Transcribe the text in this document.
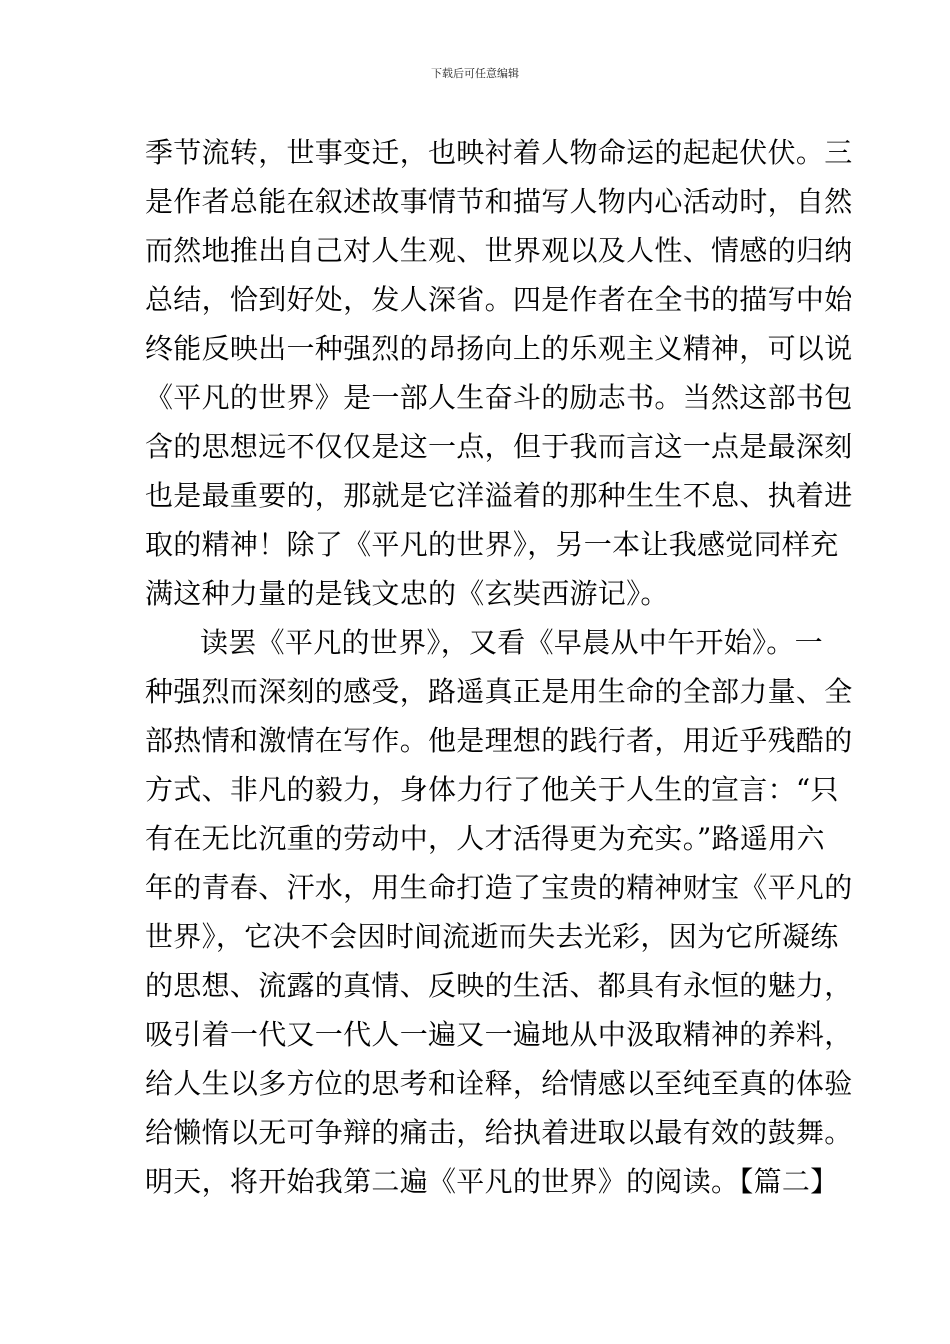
下载后可任意编辑
季节流转，世事变迁，也映衬着人物命运的起起伏伏。三
是作者总能在叙述故事情节和描写人物内心活动时，自然
而然地推出自己对人生观、世界观以及人性、情感的归纳
总结，恰到好处，发人深省。四是作者在全书的描写中始
终能反映出一种强烈的昂扬向上的乐观主义精神，可以说
《平凡的世界》是一部人生奋斗的励志书。当然这部书包
含的思想远不仅仅是这一点，但于我而言这一点是最深刻
也是最重要的，那就是它洋溢着的那种生生不息、执着进
取的精神！除了《平凡的世界》，另一本让我感觉同样充
满这种力量的是钱文忠的《玄奘西游记》。
读罢《平凡的世界》，又看《早晨从中午开始》。一
种强烈而深刻的感受，路遥真正是用生命的全部力量、全
部热情和激情在写作。他是理想的践行者，用近乎残酷的
方式、非凡的毅力，身体力行了他关于人生的宣言：“只
有在无比沉重的劳动中，人才活得更为充实。”路遥用六
年的青春、汗水，用生命打造了宝贵的精神财宝《平凡的
世界》，它决不会因时间流逝而失去光彩，因为它所凝练
的思想、流露的真情、反映的生活、都具有永恒的魅力，
吸引着一代又一代人一遍又一遍地从中汲取精神的养料，
给人生以多方位的思考和诠释，给情感以至纯至真的体验
给懒惰以无可争辩的痛击，给执着进取以最有效的鼓舞。
明天，将开始我第二遍《平凡的世界》的阅读。【篇二】
